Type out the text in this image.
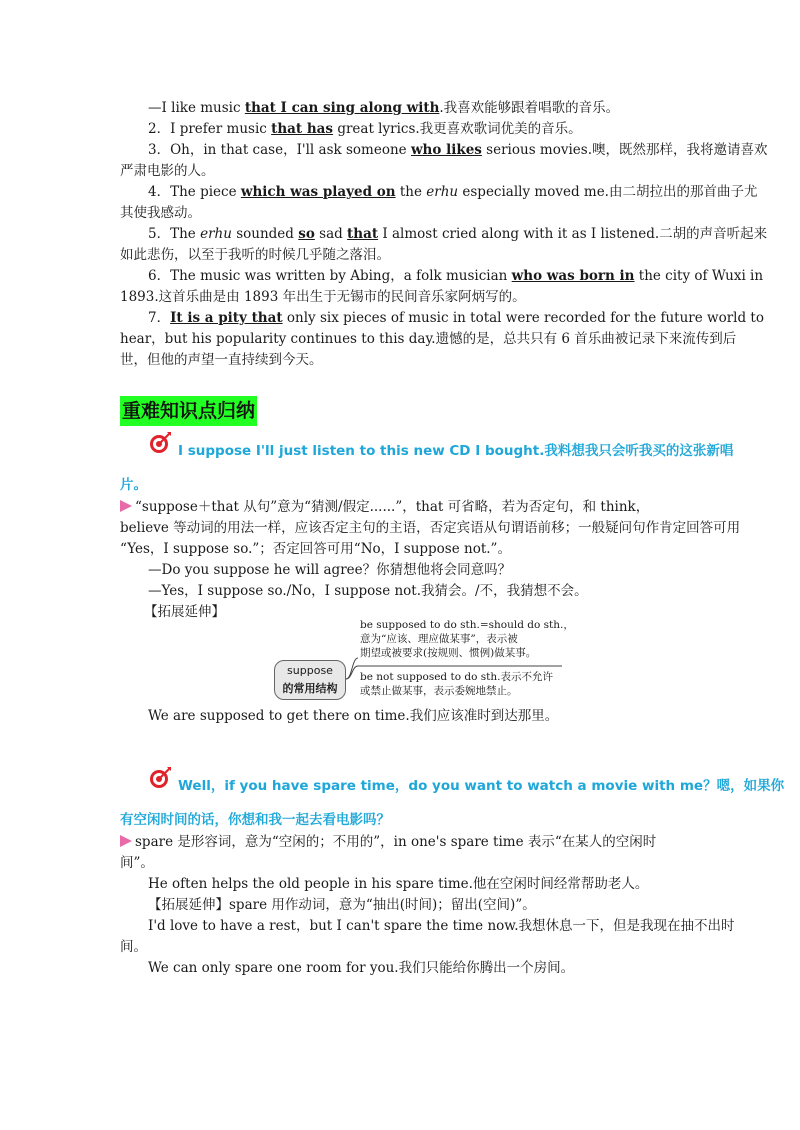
—I like music that I can sing along with.我喜欢能够跟着唱歌的音乐。
2．I prefer music that has great lyrics.我更喜欢歌词优美的音乐。
3．Oh，in that case，I'll ask someone who likes serious movies.噢，既然那样，我将邀请喜欢
严肃电影的人。
4．The piece which was played on the erhu especially moved me.由二胡拉出的那首曲子尤
其使我感动。
5．The erhu sounded so sad that I almost cried along with it as I listened.二胡的声音听起来
如此悲伤，以至于我听的时候几乎随之落泪。
6．The music was written by Abing，a folk musician who was born in the city of Wuxi in
1893.这首乐曲是由 1893 年出生于无锡市的民间音乐家阿炳写的。
7．It is a pity that only six pieces of music in total were recorded for the future world to
hear，but his popularity continues to this day.遗憾的是，总共只有 6 首乐曲被记录下来流传到后
世，但他的声望一直持续到今天。
重难知识点归纳
I suppose I'll just listen to this new CD I bought.我料想我只会听我买的这张新唱
片。
“suppose＋that 从句”意为“猜测/假定......”，that 可省略，若为否定句，和 think，
believe 等动词的用法一样，应该否定主句的主语，否定宾语从句谓语前移；一般疑问句作肯定回答可用
“Yes，I suppose so.”；否定回答可用“No，I suppose not.”。
—Do you suppose he will agree？你猜想他将会同意吗？
—Yes，I suppose so./No，I suppose not.我猜会。/不，我猜想不会。
【拓展延伸】
suppose
的常用结构
be supposed to do sth.=should do sth.，
意为“应该、理应做某事”，表示被
期望或被要求(按规则、惯例)做某事。
be not supposed to do sth.表示不允许
或禁止做某事，表示委婉地禁止。
We are supposed to get there on time.我们应该准时到达那里。
Well，if you have spare time，do you want to watch a movie with me？嗯，如果你
有空闲时间的话，你想和我一起去看电影吗？
spare 是形容词，意为“空闲的；不用的”，in one's spare time 表示“在某人的空闲时
间”。
He often helps the old people in his spare time.他在空闲时间经常帮助老人。
【拓展延伸】spare 用作动词，意为“抽出(时间)；留出(空间)”。
I'd love to have a rest，but I can't spare the time now.我想休息一下，但是我现在抽不出时
间。
We can only spare one room for you.我们只能给你腾出一个房间。
